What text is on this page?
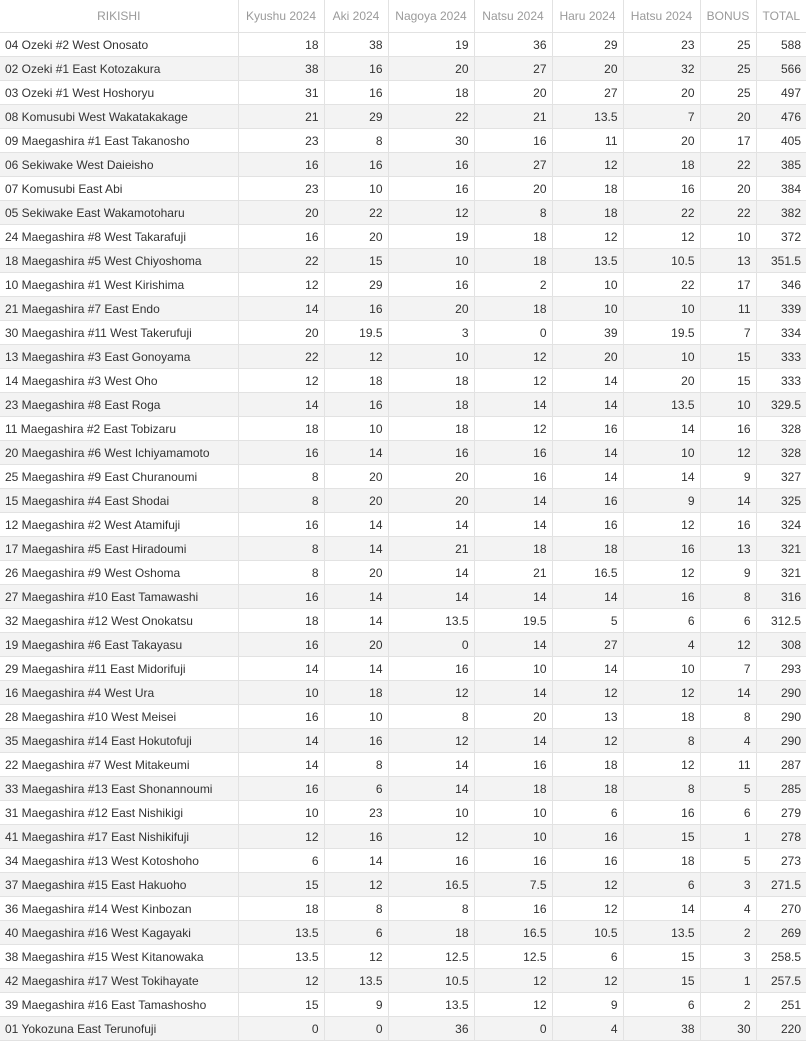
RIKISHI	Kyushu 2024	Aki 2024	Nagoya 2024	Natsu 2024	Haru 2024	Hatsu 2024	BONUS	TOTAL
04 Ozeki #2 West Onosato	18	38	19	36	29	23	25	588
02 Ozeki #1 East Kotozakura	38	16	20	27	20	32	25	566
03 Ozeki #1 West Hoshoryu	31	16	18	20	27	20	25	497
08 Komusubi West Wakatakakage	21	29	22	21	13.5	7	20	476
09 Maegashira #1 East Takanosho	23	8	30	16	11	20	17	405
06 Sekiwake West Daieisho	16	16	16	27	12	18	22	385
07 Komusubi East Abi	23	10	16	20	18	16	20	384
05 Sekiwake East Wakamotoharu	20	22	12	8	18	22	22	382
24 Maegashira #8 West Takarafuji	16	20	19	18	12	12	10	372
18 Maegashira #5 West Chiyoshoma	22	15	10	18	13.5	10.5	13	351.5
10 Maegashira #1 West Kirishima	12	29	16	2	10	22	17	346
21 Maegashira #7 East Endo	14	16	20	18	10	10	11	339
30 Maegashira #11 West Takerufuji	20	19.5	3	0	39	19.5	7	334
13 Maegashira #3 East Gonoyama	22	12	10	12	20	10	15	333
14 Maegashira #3 West Oho	12	18	18	12	14	20	15	333
23 Maegashira #8 East Roga	14	16	18	14	14	13.5	10	329.5
11 Maegashira #2 East Tobizaru	18	10	18	12	16	14	16	328
20 Maegashira #6 West Ichiyamamoto	16	14	16	16	14	10	12	328
25 Maegashira #9 East Churanoumi	8	20	20	16	14	14	9	327
15 Maegashira #4 East Shodai	8	20	20	14	16	9	14	325
12 Maegashira #2 West Atamifuji	16	14	14	14	16	12	16	324
17 Maegashira #5 East Hiradoumi	8	14	21	18	18	16	13	321
26 Maegashira #9 West Oshoma	8	20	14	21	16.5	12	9	321
27 Maegashira #10 East Tamawashi	16	14	14	14	14	16	8	316
32 Maegashira #12 West Onokatsu	18	14	13.5	19.5	5	6	6	312.5
19 Maegashira #6 East Takayasu	16	20	0	14	27	4	12	308
29 Maegashira #11 East Midorifuji	14	14	16	10	14	10	7	293
16 Maegashira #4 West Ura	10	18	12	14	12	12	14	290
28 Maegashira #10 West Meisei	16	10	8	20	13	18	8	290
35 Maegashira #14 East Hokutofuji	14	16	12	14	12	8	4	290
22 Maegashira #7 West Mitakeumi	14	8	14	16	18	12	11	287
33 Maegashira #13 East Shonannoumi	16	6	14	18	18	8	5	285
31 Maegashira #12 East Nishikigi	10	23	10	10	6	16	6	279
41 Maegashira #17 East Nishikifuji	12	16	12	10	16	15	1	278
34 Maegashira #13 West Kotoshoho	6	14	16	16	16	18	5	273
37 Maegashira #15 East Hakuoho	15	12	16.5	7.5	12	6	3	271.5
36 Maegashira #14 West Kinbozan	18	8	8	16	12	14	4	270
40 Maegashira #16 West Kagayaki	13.5	6	18	16.5	10.5	13.5	2	269
38 Maegashira #15 West Kitanowaka	13.5	12	12.5	12.5	6	15	3	258.5
42 Maegashira #17 West Tokihayate	12	13.5	10.5	12	12	15	1	257.5
39 Maegashira #16 East Tamashosho	15	9	13.5	12	9	6	2	251
01 Yokozuna East Terunofuji	0	0	36	0	4	38	30	220
